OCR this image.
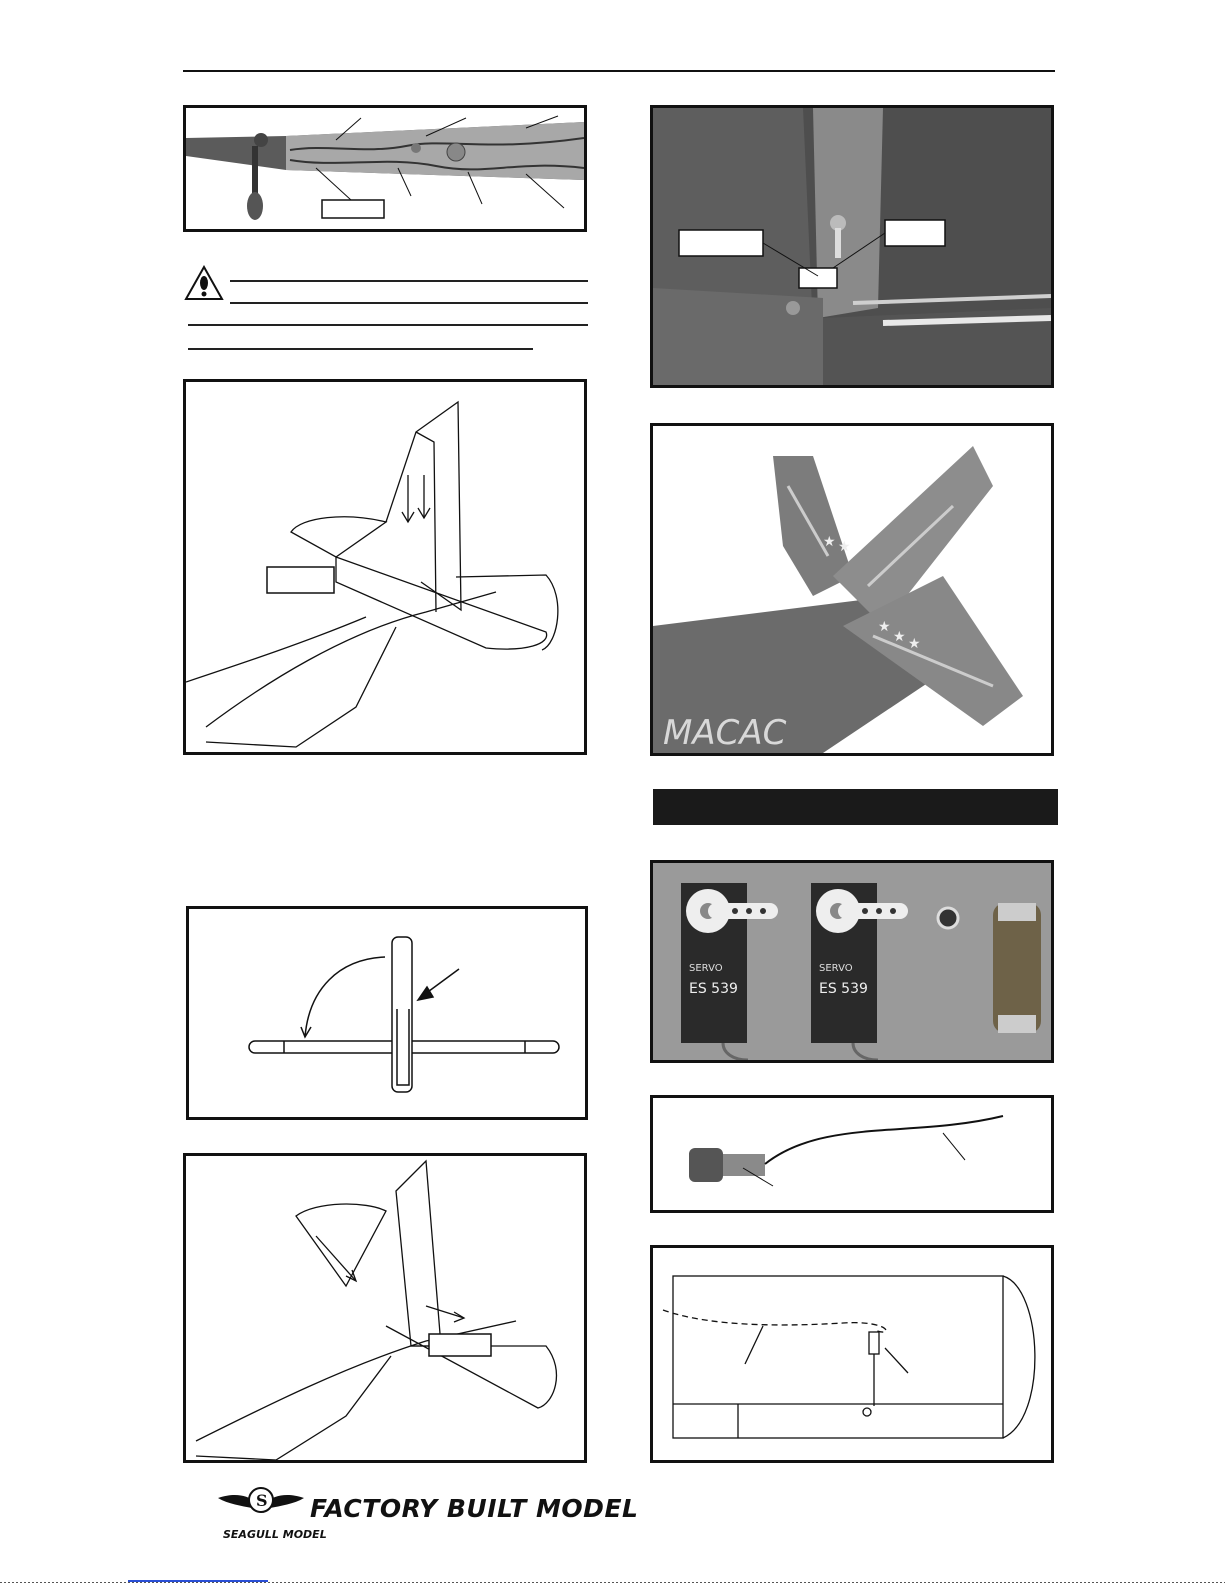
★ ★
★
★ ★
MACAC
SERVO
ES 539
SERVO
ES 539
S
SEAGULL MODEL
FACTORY BUILT MODEL
